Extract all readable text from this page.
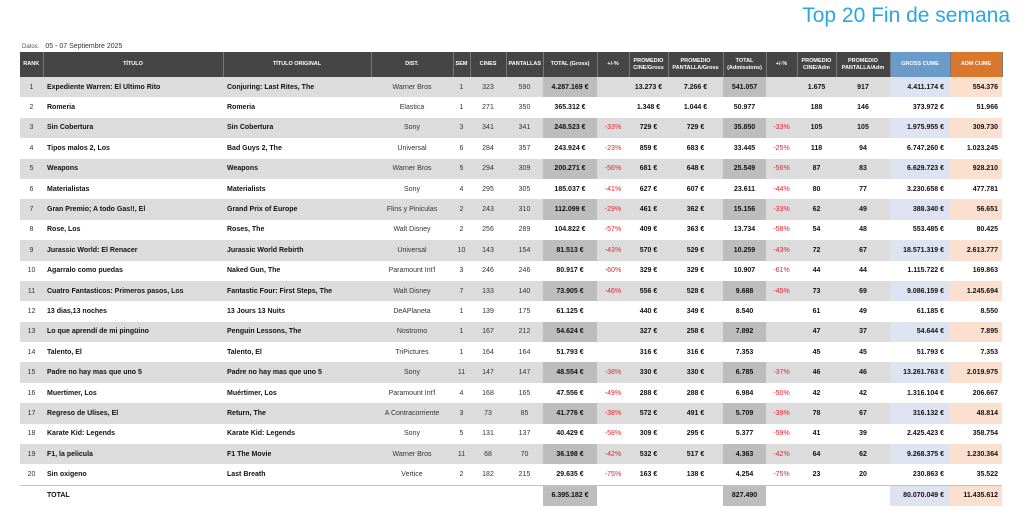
Top 20 Fin de semana
Datos: 05 - 07 Septiembre 2025
RANK	TÍTULO	TÍTULO ORIGINAL	DIST.	SEM	CINES	PANTALLAS	TOTAL (Gross)	+/-%	PROMEDIO CINE/Gross	PROMEDIO PANTALLA/Gross	TOTAL (Admissions)	+/-%	PROMEDIO CINE/Adm	PROMEDIO PANTALLA/Adm	GROSS CUME	ADM CUME
1	Expediente Warren: El Ultimo Rito	Conjuring: Last Rites, The	Warner Bros	1	323	590	4.287.169 €		13.273 €	7.266 €	541.057		1.675	917	4.411.174 €	554.376
2	Romeria	Romeria	Elastica	1	271	350	365.312 €		1.348 €	1.044 €	50.977		188	146	373.972 €	51.966
3	Sin Cobertura	Sin Cobertura	Sony	3	341	341	248.523 €	-33%	729 €	729 €	35.850	-33%	105	105	1.975.955 €	309.730
4	Tipos malos 2, Los	Bad Guys 2, The	Universal	6	284	357	243.924 €	-23%	859 €	683 €	33.445	-25%	118	94	6.747.260 €	1.023.245
5	Weapons	Weapons	Warner Bros	5	294	309	200.271 €	-56%	681 €	648 €	25.549	-56%	87	83	6.629.723 €	928.210
6	Materialistas	Materialists	Sony	4	295	305	185.037 €	-41%	627 €	607 €	23.611	-44%	80	77	3.230.658 €	477.781
7	Gran Premio; A todo Gas!!, El	Grand Prix of Europe	Flins y Piniculas	2	243	310	112.099 €	-29%	461 €	362 €	15.156	-33%	62	49	388.340 €	56.651
8	Rose, Los	Roses, The	Walt Disney	2	256	289	104.822 €	-57%	409 €	363 €	13.734	-58%	54	48	553.485 €	80.425
9	Jurassic World: El Renacer	Jurassic World Rebirth	Universal	10	143	154	81.513 €	-43%	570 €	529 €	10.259	-43%	72	67	18.571.319 €	2.613.777
10	Agarralo como puedas	Naked Gun, The	Paramount Int'l	3	246	246	80.917 €	-60%	329 €	329 €	10.907	-61%	44	44	1.115.722 €	169.863
11	Cuatro Fantasticos: Primeros pasos, Los	Fantastic Four: First Steps, The	Walt Disney	7	133	140	73.905 €	-46%	556 €	528 €	9.688	-45%	73	69	9.086.159 €	1.245.694
12	13 dias,13 noches	13 Jours 13 Nuits	DeAPlaneta	1	139	175	61.125 €		440 €	349 €	8.540		61	49	61.185 €	8.550
13	Lo que aprendí de mi pingüino	Penguin Lessons, The	Nostromo	1	167	212	54.624 €		327 €	258 €	7.892		47	37	54.644 €	7.895
14	Talento, El	Talento, El	TriPictures	1	164	164	51.793 €		316 €	316 €	7.353		45	45	51.793 €	7.353
15	Padre no hay mas que uno 5	Padre no hay mas que uno 5	Sony	11	147	147	48.554 €	-38%	330 €	330 €	6.785	-37%	46	46	13.261.763 €	2.019.975
16	Muertimer, Los	Muértimer, Los	Paramount Int'l	4	168	165	47.556 €	-49%	288 €	288 €	6.984	-50%	42	42	1.316.104 €	206.667
17	Regreso de Ulises, El	Return, The	A Contracorriente	3	73	85	41.776 €	-38%	572 €	491 €	5.709	-39%	78	67	316.132 €	48.814
18	Karate Kid: Legends	Karate Kid: Legends	Sony	5	131	137	40.429 €	-58%	309 €	295 €	5.377	-59%	41	39	2.425.423 €	358.754
19	F1, la pelicula	F1 The Movie	Warner Bros	11	68	70	36.198 €	-42%	532 €	517 €	4.363	-42%	64	62	9.268.375 €	1.230.364
20	Sin oxigeno	Last Breath	Vertice	2	182	215	29.635 €	-75%	163 €	138 €	4.254	-75%	23	20	230.863 €	35.522
	TOTAL						6.395.182 €				827.490				80.070.049 €	11.435.612
